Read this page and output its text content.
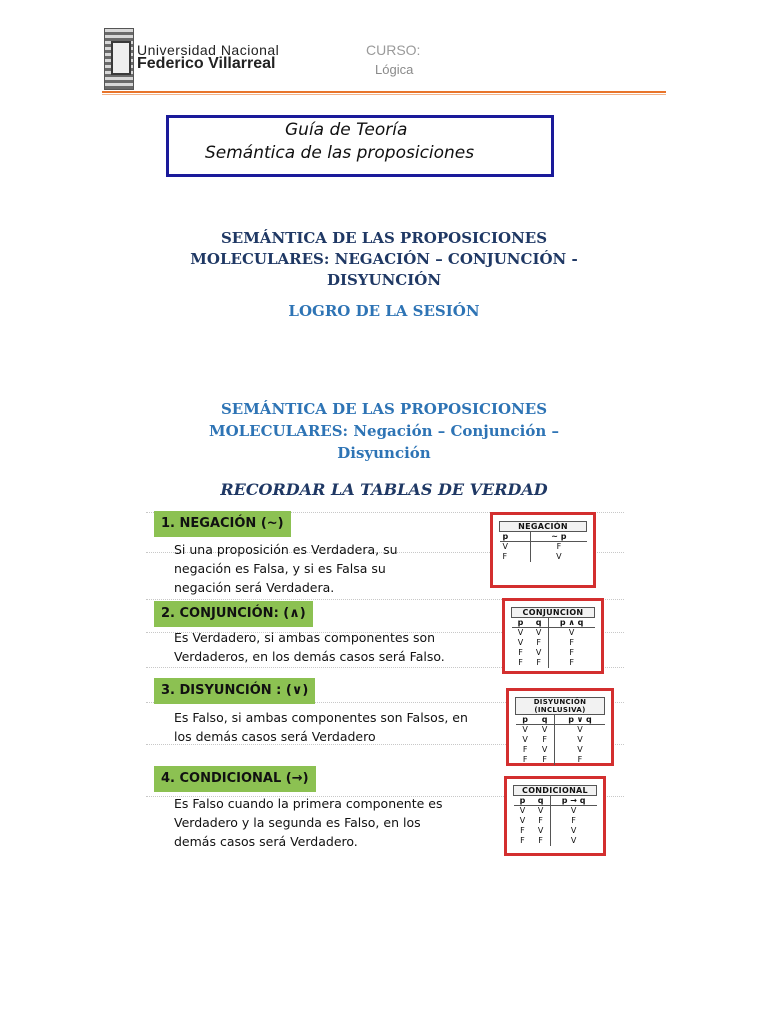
Universidad Nacional
Federico Villarreal
CURSO:
Lógica
Guía de Teoría
Semántica de las proposiciones
SEMÁNTICA DE LAS PROPOSICIONES
MOLECULARES: NEGACIÓN – CONJUNCIÓN -
DISYUNCIÓN
LOGRO DE LA SESIÓN
SEMÁNTICA DE LAS PROPOSICIONES
MOLECULARES: Negación – Conjunción –
Disyunción
RECORDAR LA TABLAS DE VERDAD
1. NEGACIÓN (~)
Si una proposición es Verdadera, su
negación es Falsa, y si es Falsa su
negación será Verdadera.
NEGACIÓN	
p	~ p
V	F
F	V
2. CONJUNCIÓN: (∧)
Es Verdadero, si ambas componentes son
Verdaderos, en los demás casos será Falso.
CONJUNCION		
p	q	p ∧ q
V	V	V
V	F	F
F	V	F
F	F	F
3. DISYUNCIÓN : (∨)
Es Falso, si ambas componentes son Falsos, en
los demás casos será Verdadero
DISYUNCIÓN (INCLUSIVA)		
p	q	p ∨ q
V	V	V
V	F	V
F	V	V
F	F	F
4. CONDICIONAL (→)
Es Falso cuando la primera componente es
Verdadero y la segunda es Falso, en los
demás casos será Verdadero.
CONDICIONAL		
p	q	p → q
V	V	V
V	F	F
F	V	V
F	F	V
